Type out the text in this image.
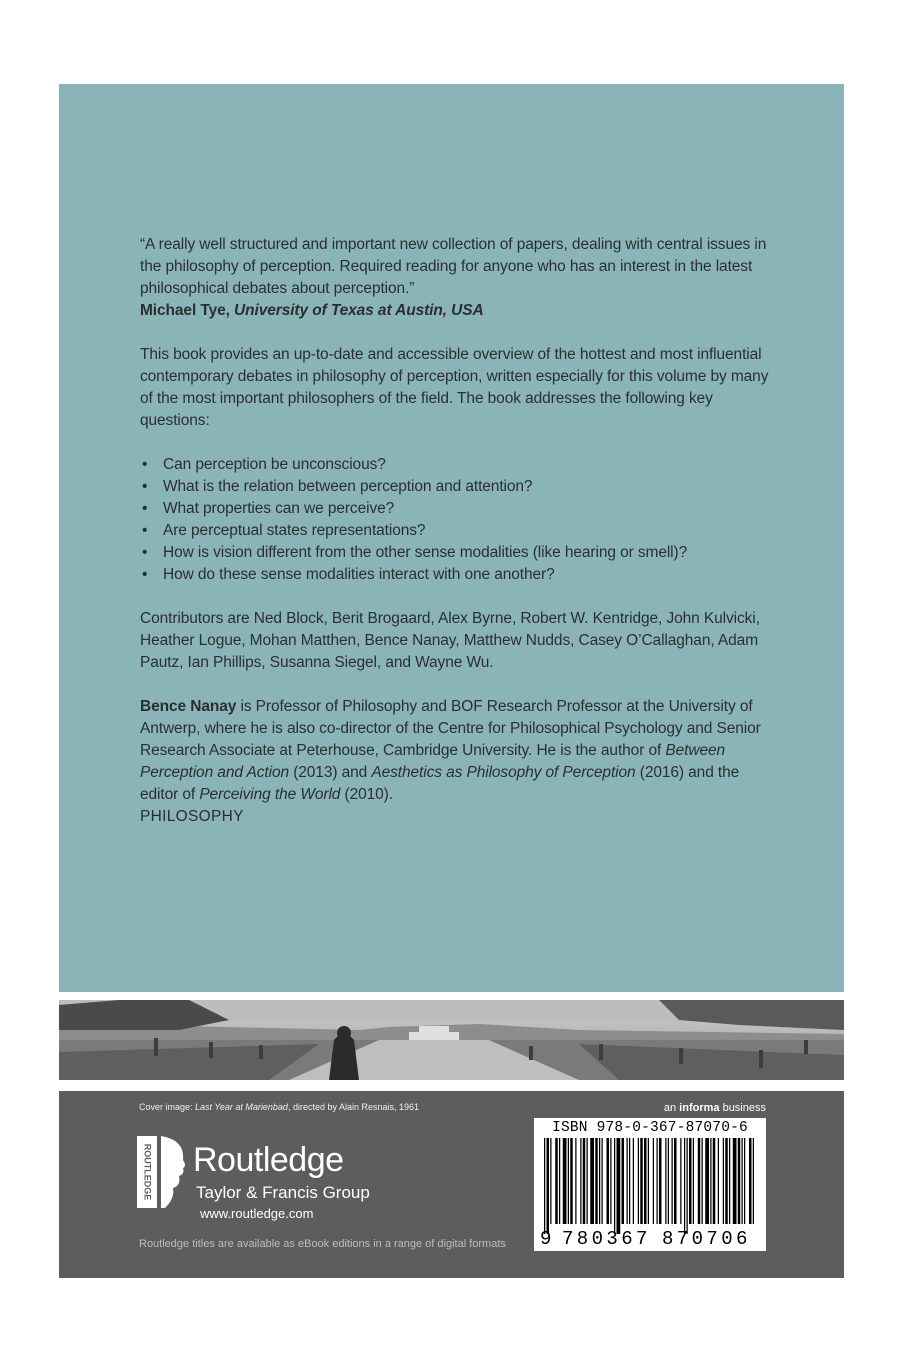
“A really well structured and important new collection of papers, dealing with central issues in the philosophy of perception. Required reading for anyone who has an interest in the latest philosophical debates about perception.”

Michael Tye, University of Texas at Austin, USA

This book provides an up-to-date and accessible overview of the hottest and most influential contemporary debates in philosophy of perception, written especially for this volume by many of the most important philosophers of the field. The book addresses the following key questions:

• Can perception be unconscious?
• What is the relation between perception and attention?
• What properties can we perceive?
• Are perceptual states representations?
• How is vision different from the other sense modalities (like hearing or smell)?
• How do these sense modalities interact with one another?

Contributors are Ned Block, Berit Brogaard, Alex Byrne, Robert W. Kentridge, John Kulvicki, Heather Logue, Mohan Matthen, Bence Nanay, Matthew Nudds, Casey O’Callaghan, Adam Pautz, Ian Phillips, Susanna Siegel, and Wayne Wu.

Bence Nanay is Professor of Philosophy and BOF Research Professor at the University of Antwerp, where he is also co-director of the Centre for Philosophical Psychology and Senior Research Associate at Peterhouse, Cambridge University. He is the author of Between Perception and Action (2013) and Aesthetics as Philosophy of Perception (2016) and the editor of Perceiving the World (2010).

PHILOSOPHY

Cover image: Last Year at Marienbad, directed by Alain Resnais, 1961	an informa business
ROUTLEDGE Routledge
Taylor & Francis Group
www.routledge.com
Routledge titles are available as eBook editions in a range of digital formats
ISBN 978-0-367-87070-6
9 780367 870706
